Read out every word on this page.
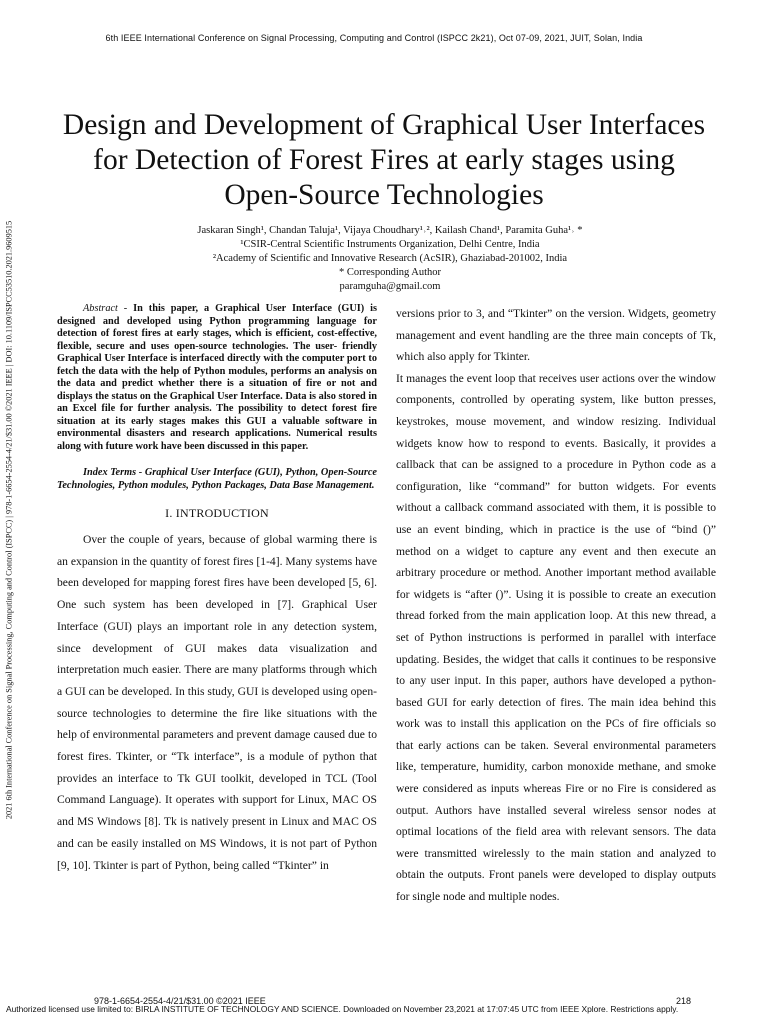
6th IEEE International Conference on Signal Processing, Computing and Control (ISPCC 2k21), Oct 07-09, 2021, JUIT, Solan, India
2021 6th International Conference on Signal Processing, Computing and Control (ISPCC) | 978-1-6654-2554-4/21/$31.00 ©2021 IEEE | DOI: 10.1109/ISPCC53510.2021.9609515
Design and Development of Graphical User Interfaces
for Detection of Forest Fires at early stages using
Open-Source Technologies
Jaskaran Singh¹, Chandan Taluja¹, Vijaya Choudhary¹˒², Kailash Chand¹, Paramita Guha¹˒ *
¹CSIR-Central Scientific Instruments Organization, Delhi Centre, India
²Academy of Scientific and Innovative Research (AcSIR), Ghaziabad-201002, India
* Corresponding Author
paramguha@gmail.com

Abstract - In this paper, a Graphical User Interface (GUI) is designed and developed using Python programming language for detection of forest fires at early stages, which is efficient, cost-effective, flexible, secure and uses open-source technologies. The user- friendly Graphical User Interface is interfaced directly with the computer port to fetch the data with the help of Python modules, performs an analysis on the data and predict whether there is a situation of fire or not and displays the status on the Graphical User Interface. Data is also stored in an Excel file for further analysis. The possibility to detect forest fire situation at its early stages makes this GUI a valuable software in environmental disasters and research applications. Numerical results along with future work have been discussed in this paper.

Index Terms - Graphical User Interface (GUI), Python, Open-Source Technologies, Python modules, Python Packages, Data Base Management.

I. INTRODUCTION

Over the couple of years, because of global warming there is an expansion in the quantity of forest fires [1-4]. Many systems have been developed for mapping forest fires have been developed [5, 6]. One such system has been developed in [7]. Graphical User Interface (GUI) plays an important role in any detection system, since development of GUI makes data visualization and interpretation much easier. There are many platforms through which a GUI can be developed. In this study, GUI is developed using open-source technologies to determine the fire like situations with the help of environmental parameters and prevent damage caused due to forest fires. Tkinter, or “Tk interface”, is a module of python that provides an interface to Tk GUI toolkit, developed in TCL (Tool Command Language). It operates with support for Linux, MAC OS and MS Windows [8]. Tk is natively present in Linux and MAC OS and can be easily installed on MS Windows, it is not part of Python [9, 10]. Tkinter is part of Python, being called “Tkinter” in

versions prior to 3, and “Tkinter” on the version. Widgets, geometry management and event handling are the three main concepts of Tk, which also apply for Tkinter.

It manages the event loop that receives user actions over the window components, controlled by operating system, like button presses, keystrokes, mouse movement, and window resizing. Individual widgets know how to respond to events. Basically, it provides a callback that can be assigned to a procedure in Python code as a configuration, like “command” for button widgets. For events without a callback command associated with them, it is possible to use an event binding, which in practice is the use of “bind ()” method on a widget to capture any event and then execute an arbitrary procedure or method. Another important method available for widgets is “after ()”. Using it is possible to create an execution thread forked from the main application loop. At this new thread, a set of Python instructions is performed in parallel with interface updating. Besides, the widget that calls it continues to be responsive to any user input. In this paper, authors have developed a python-based GUI for early detection of fires. The main idea behind this work was to install this application on the PCs of fire officials so that early actions can be taken. Several environmental parameters like, temperature, humidity, carbon monoxide methane, and smoke were considered as inputs whereas Fire or no Fire is considered as output. Authors have installed several wireless sensor nodes at optimal locations of the field area with relevant sensors. The data were transmitted wirelessly to the main station and analyzed to obtain the outputs. Front panels were developed to display outputs for single node and multiple nodes.

978-1-6654-2554-4/21/$31.00 ©2021 IEEE	218
Authorized licensed use limited to: BIRLA INSTITUTE OF TECHNOLOGY AND SCIENCE. Downloaded on November 23,2021 at 17:07:45 UTC from IEEE Xplore. Restrictions apply.
